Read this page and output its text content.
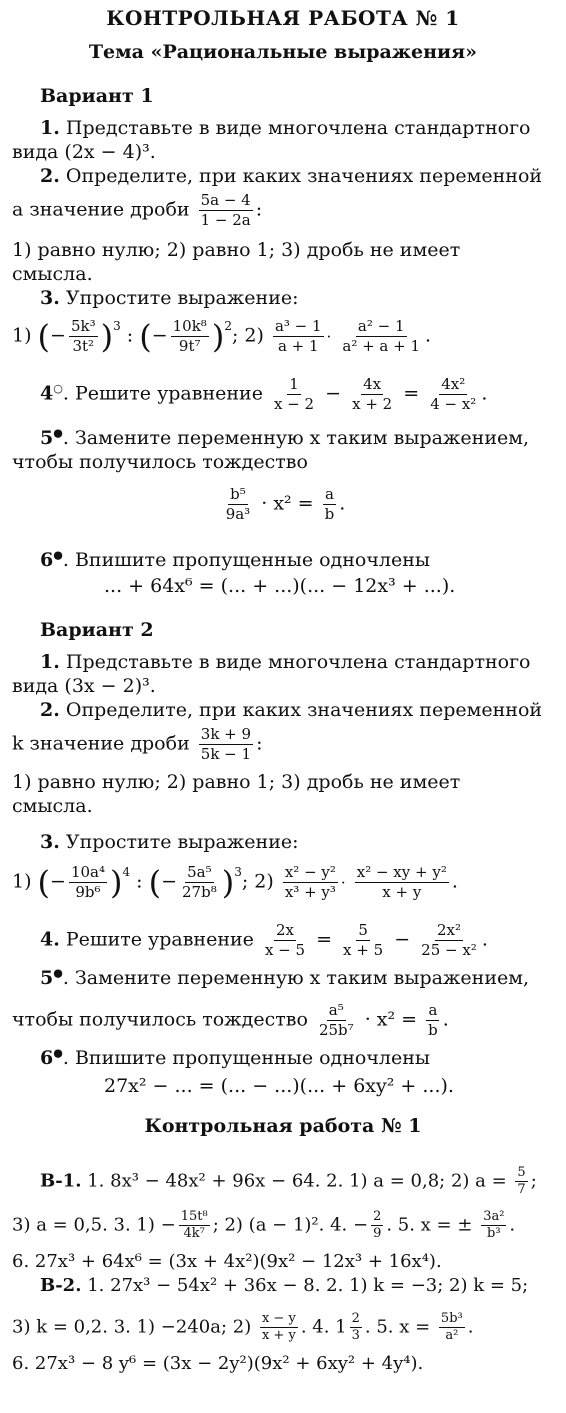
КОНТРОЛЬНАЯ РАБОТА № 1
Тема «Рациональные выражения»
Вариант 1
1. Представьте в виде многочлена стандартного
вида (2x − 4)³.
2. Определите, при каких значениях переменной
a значение дроби $\frac{5a - 4}{1 - 2a}$ :
1) равно нулю; 2) равно 1; 3) дробь не имеет
смысла.
3. Упростите выражение:
1) (− $\frac{\text{5k³}}{\text{3t²}} )^3$ : (− $\frac{\text{10k⁸}}{\text{9t⁷}} )^2$; $2) \frac{\text{a³ − 1}}{a + 1} \cdot \frac{\text{a² − 1}}{\text{a² + a + 1}}$ .
4○. Решите уравнение $\frac{1}{x - 2} - \frac{4x}{x + 2} = \frac{\text{4x²}}{\text{4 − x²}}$ .
5●. Замените переменную x таким выражением,
чтобы получилось тождество
$\frac{\text{b⁵}}{\text{9a³}} \cdot x^2 = \frac{a}{b}$ .
6●. Впишите пропущенные одночлены
... + 64x⁶ = (... + ...)(... − 12x³ + ...).
Вариант 2
1. Представьте в виде многочлена стандартного
вида (3x − 2)³.
2. Определите, при каких значениях переменной
k значение дроби $\frac{3k + 9}{5k - 1}$ :
1) равно нулю; 2) равно 1; 3) дробь не имеет
смысла.
3. Упростите выражение:
1) (− $\frac{\text{10a⁴}}{\text{9b⁶}} )^4$ : (− $\frac{\text{5a⁵}}{\text{27b⁸}} )^3$; $2) \frac{\text{x² − y²}}{\text{x³ + y³}} \cdot \frac{\text{x² − xy + y²}}{x + y}$ .
4. Решите уравнение $\frac{2x}{x - 5} = \frac{5}{x + 5} - \frac{\text{2x²}}{\text{25 − x²}}$ .
5●. Замените переменную x таким выражением,
чтобы получилось тождество $\frac{\text{a⁵}}{\text{25b⁷}} \cdot x^2 = \frac{a}{b}$ .
6●. Впишите пропущенные одночлены
27x² − ... = (... − ...)(... + 6xy² + ...).
Контрольная работа № 1
В-1. 1. 8x³ − 48x² + 96x − 64. 2. 1) a = 0,8; 2) $a = \frac{5}{7}$ ;
3) a = 0,5. 3. $1) - \frac{\text{15t⁸}}{\text{4k⁷}}$ ; 2) (a − 1)². 4. − $\frac{2}{9}$ . 5. x = ± $\frac{\text{3a²}}{\text{b³}}$ .
6. 27x³ + 64x⁶ = (3x + 4x²)(9x² − 12x³ + 16x⁴).
В-2. 1. 27x³ − 54x² + 36x − 8. 2. 1) k = −3; 2) k = 5;
3) k = 0,2. 3. 1) −240a; $2) \frac{x - y}{x + y}$ . 4. $1 \frac{2}{3}$ . 5. $x = \frac{\text{5b³}}{\text{a²}}$ .
6. 27x³ − 8 y⁶ = (3x − 2y²)(9x² + 6xy² + 4y⁴).
